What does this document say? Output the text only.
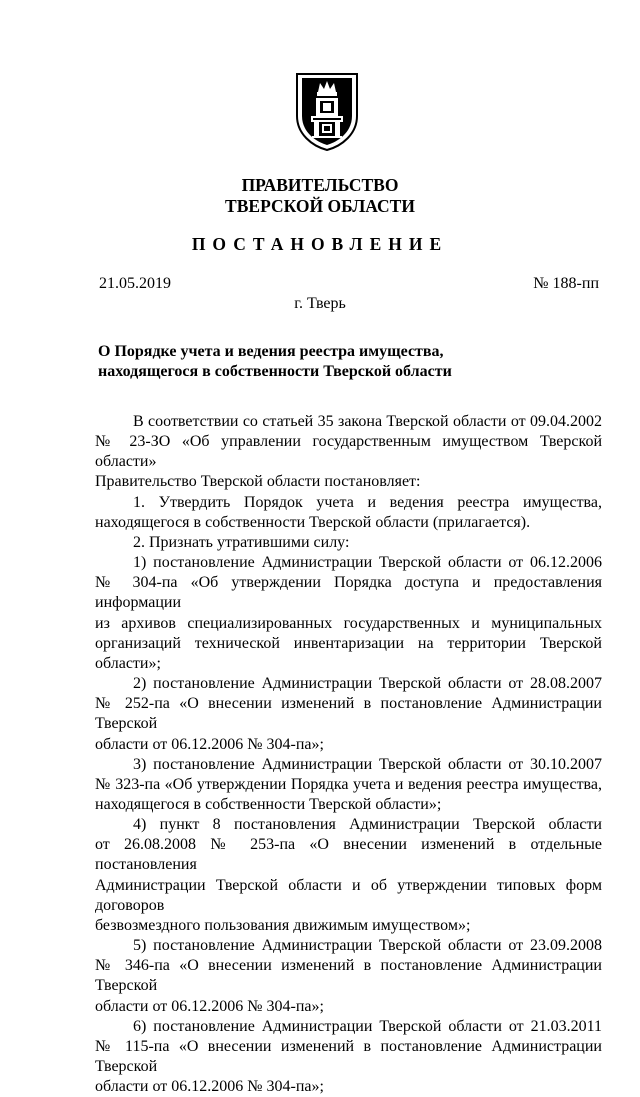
ПРАВИТЕЛЬСТВО
ТВЕРСКОЙ ОБЛАСТИ
ПОСТАНОВЛЕНИЕ
21.05.2019	№ 188-пп
г. Тверь
О Порядке учета и ведения реестра имущества,
находящегося в собственности Тверской области

В соответствии со статьей 35 закона Тверской области от 09.04.2002

№ 23-ЗО «Об управлении государственным имуществом Тверской области»

Правительство Тверской области постановляет:

1. Утвердить Порядок учета и ведения реестра имущества,

находящегося в собственности Тверской области (прилагается).

2. Признать утратившими силу:

1) постановление Администрации Тверской области от 06.12.2006

№ 304-па «Об утверждении Порядка доступа и предоставления информации

из архивов специализированных государственных и муниципальных

организаций технической инвентаризации на территории Тверской области»;

2) постановление Администрации Тверской области от 28.08.2007

№ 252-па «О внесении изменений в постановление Администрации Тверской

области от 06.12.2006 № 304-па»;

3) постановление Администрации Тверской области от 30.10.2007

№ 323-па «Об утверждении Порядка учета и ведения реестра имущества,

находящегося в собственности Тверской области»;

4) пункт 8 постановления Администрации Тверской области

от 26.08.2008 № 253-па «О внесении изменений в отдельные постановления

Администрации Тверской области и об утверждении типовых форм договоров

безвозмездного пользования движимым имуществом»;

5) постановление Администрации Тверской области от 23.09.2008

№ 346-па «О внесении изменений в постановление Администрации Тверской

области от 06.12.2006 № 304-па»;

6) постановление Администрации Тверской области от 21.03.2011

№ 115-па «О внесении изменений в постановление Администрации Тверской

области от 06.12.2006 № 304-па»;
